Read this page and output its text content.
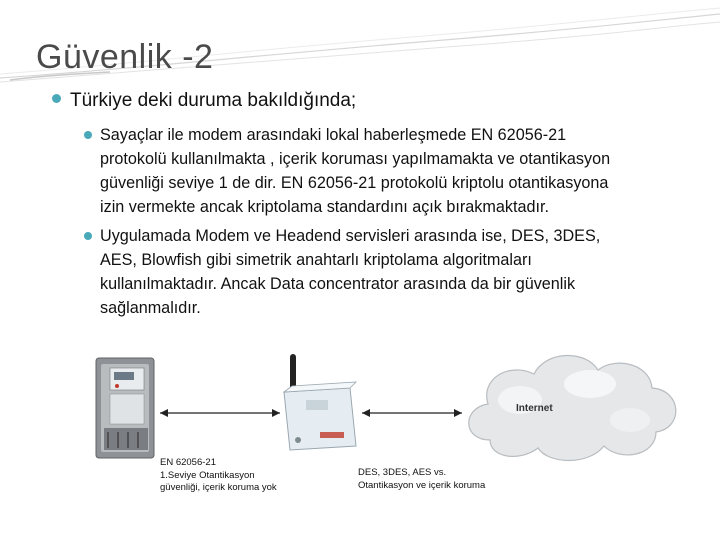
Güvenlik -2
Türkiye deki duruma bakıldığında;
Sayaçlar ile modem arasındaki lokal haberleşmede EN 62056-21
protokolü kullanılmakta , içerik koruması yapılmamakta ve otantikasyon
güvenliği seviye 1 de dir. EN 62056-21 protokolü kriptolu otantikasyona
izin vermekte ancak kriptolama standardını açık bırakmaktadır.
Uygulamada Modem ve Headend servisleri arasında ise, DES, 3DES,
AES, Blowfish gibi simetrik anahtarlı kriptolama algoritmaları
kullanılmaktadır. Ancak Data concentrator arasında da bir güvenlik
sağlanmalıdır.
Internet
EN 62056-21
1.Seviye Otantikasyon
güvenliği, içerik koruma yok
DES, 3DES, AES vs.
Otantikasyon ve içerik koruma
